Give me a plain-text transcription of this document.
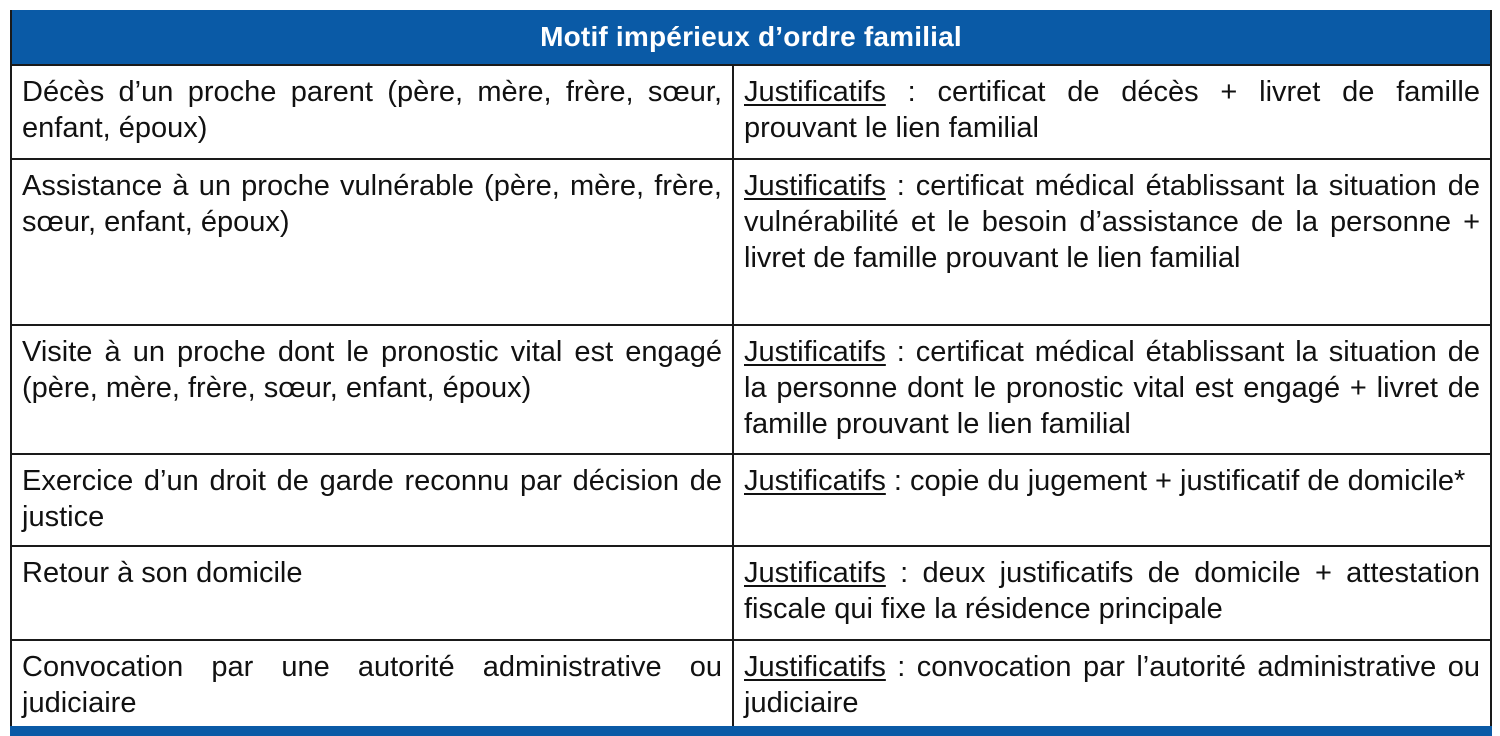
Motif impérieux d’ordre familial
Décès d’un proche parent (père, mère, frère, sœur, enfant, époux)
Justificatifs : certificat de décès + livret de famille prouvant le lien familial
Assistance à un proche vulnérable (père, mère, frère, sœur, enfant, époux)
Justificatifs : certificat médical établissant la situation de vulnérabilité et le besoin d’assistance de la personne + livret de famille prouvant le lien familial
Visite à un proche dont le pronostic vital est engagé (père, mère, frère, sœur, enfant, époux)
Justificatifs : certificat médical établissant la situation de la personne dont le pronostic vital est engagé + livret de famille prouvant le lien familial
Exercice d’un droit de garde reconnu par décision de justice
Justificatifs : copie du jugement + justificatif de domicile*
Retour à son domicile	Justificatifs : deux justificatifs de domicile + attestation fiscale qui fixe la résidence principale
Convocation par une autorité administrative ou judiciaire
Justificatifs : convocation par l’autorité administrative ou judiciaire
